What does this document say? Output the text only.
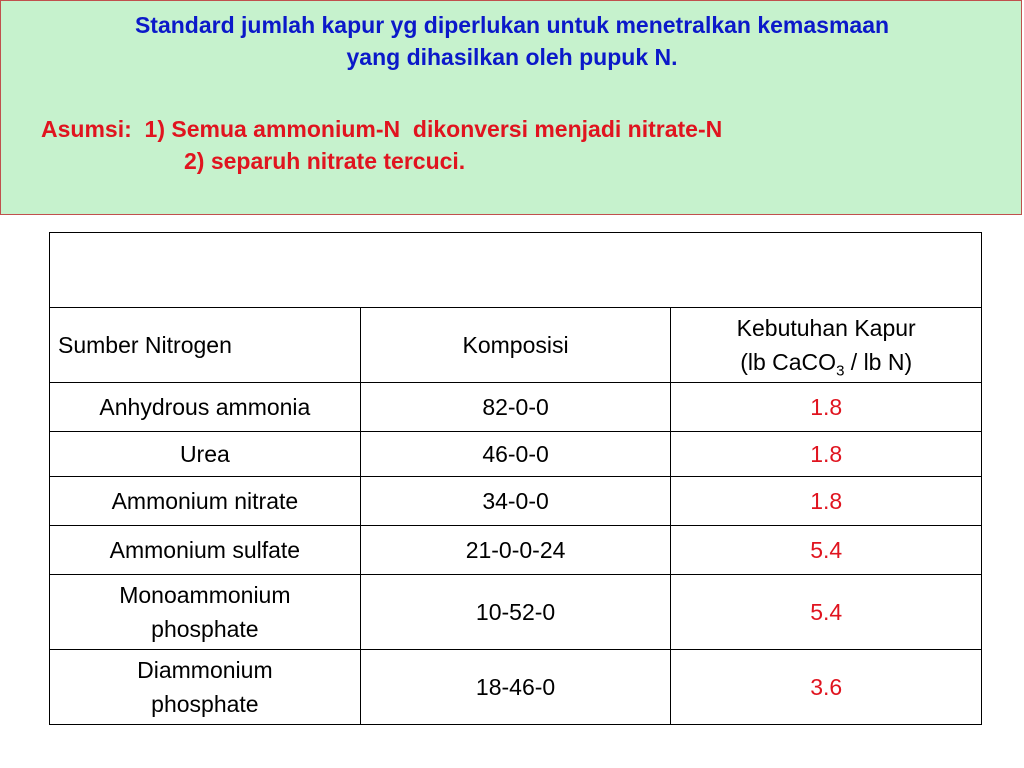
Standard jumlah kapur yg diperlukan untuk menetralkan kemasmaan
yang dihasilkan oleh pupuk N.
Asumsi:  1) Semua ammonium-N  dikonversi menjadi nitrate-N
2) separuh nitrate tercuci.

Sumber Nitrogen	Komposisi	Kebutuhan Kapur
(lb CaCO$_3$ / lb N)
Anhydrous ammonia	82-0-0	1.8
Urea	46-0-0	1.8
Ammonium nitrate	34-0-0	1.8
Ammonium sulfate	21-0-0-24	5.4
Monoammonium
phosphate	10-52-0	5.4
Diammonium
phosphate	18-46-0	3.6
